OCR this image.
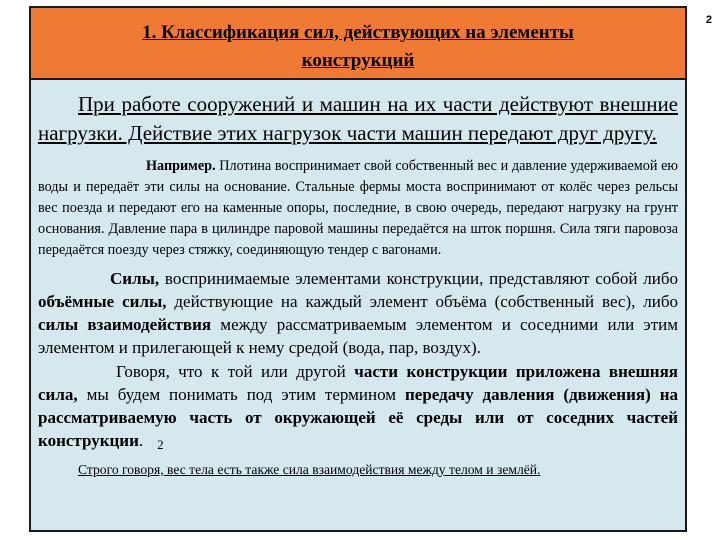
2
1. Классификация сил, действующих на элементы
конструкций

При работе сооружений и машин на их части действуют внешние нагрузки. Действие этих нагрузок части машин передают друг другу.

Например. Плотина воспринимает свой собственный вес и давление удерживаемой ею воды и передаёт эти силы на основание. Стальные фермы моста воспринимают от колёс через рельсы вес поезда и передают его на каменные опоры, последние, в свою очередь, передают нагрузку на грунт основания. Давление пара в цилиндре паровой машины передаётся на шток поршня. Сила тяги паровоза передаётся поезду через стяжку, соединяющую тендер с вагонами.

Силы, воспринимаемые элементами конструкции, представляют собой либо объёмные силы, действующие на каждый элемент объёма (собственный вес), либо силы взаимодействия между рассматриваемым элементом и соседними или этим элементом и прилегающей к нему средой (вода, пар, воздух).

Говоря, что к той или другой части конструкции приложена внешняя сила, мы будем понимать под этим термином передачу давления (движения) на рассматриваемую часть от окружающей её среды или от соседних частей конструкции. 2

Строго говоря, вес тела есть также сила взаимодействия между телом и землёй.
